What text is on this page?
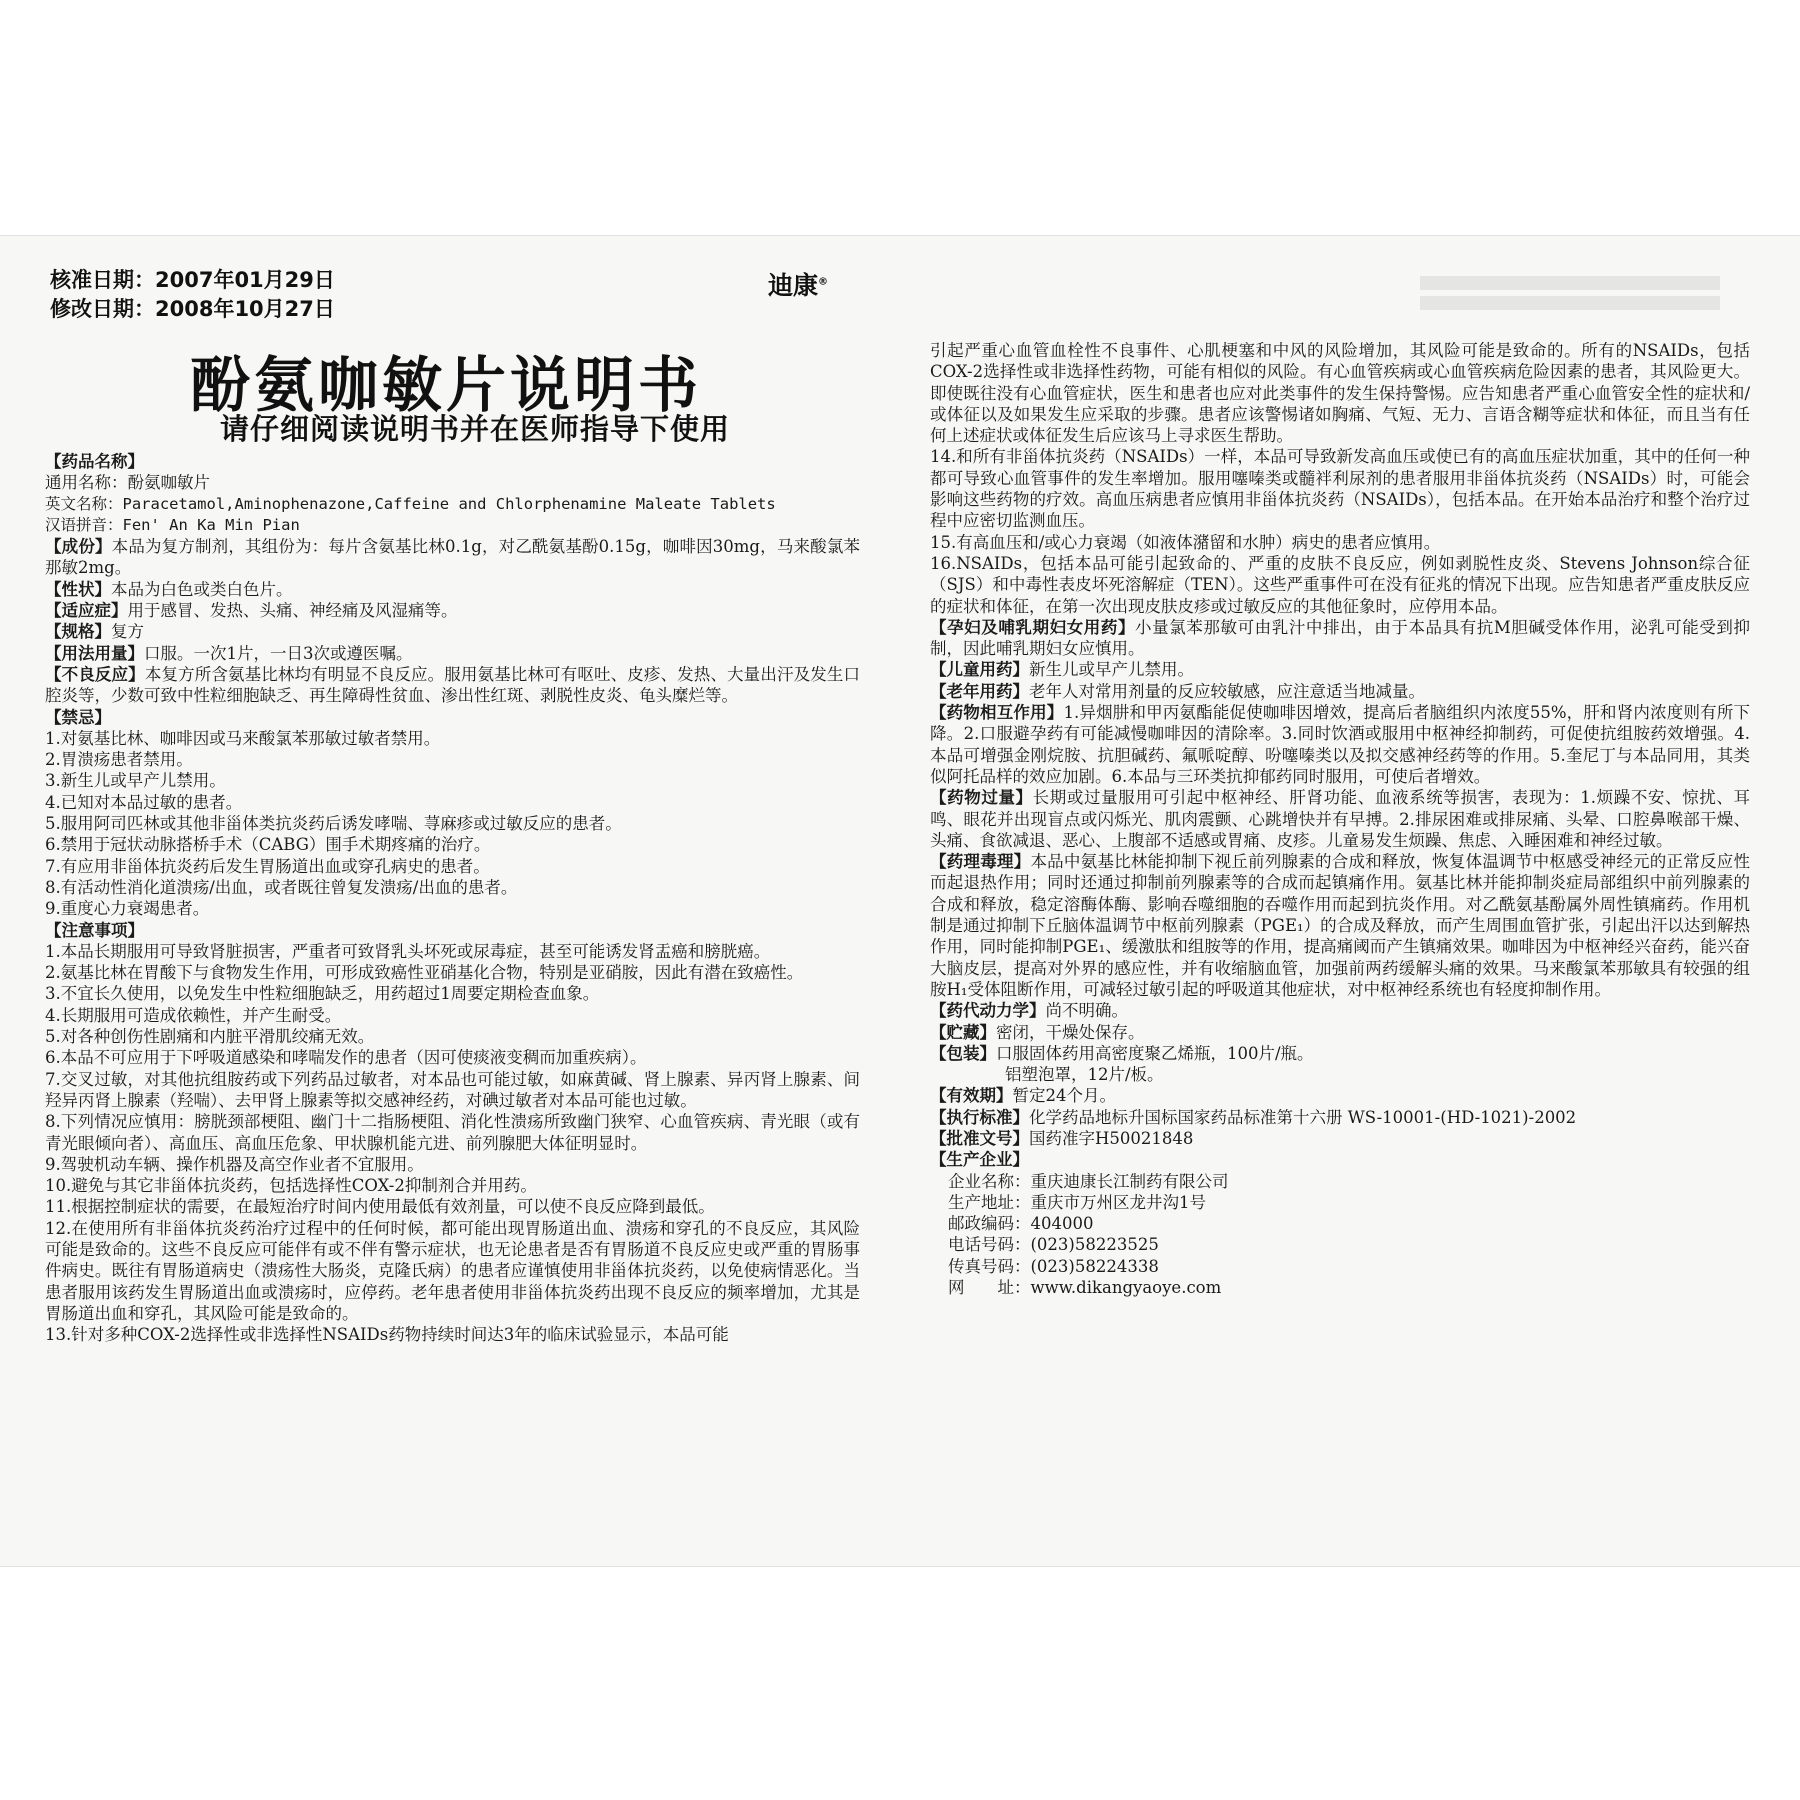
核准日期：2007年01月29日
修改日期：2008年10月27日
迪康®
酚氨咖敏片说明书
请仔细阅读说明书并在医师指导下使用

【药品名称】

通用名称：酚氨咖敏片

英文名称：Paracetamol,Aminophenazone,Caffeine and Chlorphenamine Maleate Tablets

汉语拼音：Fen' An Ka Min Pian

【成份】本品为复方制剂，其组份为：每片含氨基比林0.1g，对乙酰氨基酚0.15g，咖啡因30mg，马来酸氯苯那敏2mg。

【性状】本品为白色或类白色片。

【适应症】用于感冒、发热、头痛、神经痛及风湿痛等。

【规格】复方

【用法用量】口服。一次1片，一日3次或遵医嘱。

【不良反应】本复方所含氨基比林均有明显不良反应。服用氨基比林可有呕吐、皮疹、发热、大量出汗及发生口腔炎等，少数可致中性粒细胞缺乏、再生障碍性贫血、渗出性红斑、剥脱性皮炎、龟头糜烂等。

【禁忌】

1.对氨基比林、咖啡因或马来酸氯苯那敏过敏者禁用。

2.胃溃疡患者禁用。

3.新生儿或早产儿禁用。

4.已知对本品过敏的患者。

5.服用阿司匹林或其他非甾体类抗炎药后诱发哮喘、荨麻疹或过敏反应的患者。

6.禁用于冠状动脉搭桥手术（CABG）围手术期疼痛的治疗。

7.有应用非甾体抗炎药后发生胃肠道出血或穿孔病史的患者。

8.有活动性消化道溃疡/出血，或者既往曾复发溃疡/出血的患者。

9.重度心力衰竭患者。

【注意事项】

1.本品长期服用可导致肾脏损害，严重者可致肾乳头坏死或尿毒症，甚至可能诱发肾盂癌和膀胱癌。

2.氨基比林在胃酸下与食物发生作用，可形成致癌性亚硝基化合物，特别是亚硝胺，因此有潜在致癌性。

3.不宜长久使用，以免发生中性粒细胞缺乏，用药超过1周要定期检查血象。

4.长期服用可造成依赖性，并产生耐受。

5.对各种创伤性剧痛和内脏平滑肌绞痛无效。

6.本品不可应用于下呼吸道感染和哮喘发作的患者（因可使痰液变稠而加重疾病）。

7.交叉过敏，对其他抗组胺药或下列药品过敏者，对本品也可能过敏，如麻黄碱、肾上腺素、异丙肾上腺素、间羟异丙肾上腺素（羟喘）、去甲肾上腺素等拟交感神经药，对碘过敏者对本品可能也过敏。

8.下列情况应慎用：膀胱颈部梗阻、幽门十二指肠梗阻、消化性溃疡所致幽门狭窄、心血管疾病、青光眼（或有青光眼倾向者）、高血压、高血压危象、甲状腺机能亢进、前列腺肥大体征明显时。

9.驾驶机动车辆、操作机器及高空作业者不宜服用。

10.避免与其它非甾体抗炎药，包括选择性COX-2抑制剂合并用药。

11.根据控制症状的需要，在最短治疗时间内使用最低有效剂量，可以使不良反应降到最低。

12.在使用所有非甾体抗炎药治疗过程中的任何时候，都可能出现胃肠道出血、溃疡和穿孔的不良反应，其风险可能是致命的。这些不良反应可能伴有或不伴有警示症状，也无论患者是否有胃肠道不良反应史或严重的胃肠事件病史。既往有胃肠道病史（溃疡性大肠炎，克隆氏病）的患者应谨慎使用非甾体抗炎药，以免使病情恶化。当患者服用该药发生胃肠道出血或溃疡时，应停药。老年患者使用非甾体抗炎药出现不良反应的频率增加，尤其是胃肠道出血和穿孔，其风险可能是致命的。

13.针对多种COX-2选择性或非选择性NSAIDs药物持续时间达3年的临床试验显示，本品可能

引起严重心血管血栓性不良事件、心肌梗塞和中风的风险增加，其风险可能是致命的。所有的NSAIDs，包括COX-2选择性或非选择性药物，可能有相似的风险。有心血管疾病或心血管疾病危险因素的患者，其风险更大。即使既往没有心血管症状，医生和患者也应对此类事件的发生保持警惕。应告知患者严重心血管安全性的症状和/或体征以及如果发生应采取的步骤。患者应该警惕诸如胸痛、气短、无力、言语含糊等症状和体征，而且当有任何上述症状或体征发生后应该马上寻求医生帮助。

14.和所有非甾体抗炎药（NSAIDs）一样，本品可导致新发高血压或使已有的高血压症状加重，其中的任何一种都可导致心血管事件的发生率增加。服用噻嗪类或髓袢利尿剂的患者服用非甾体抗炎药（NSAIDs）时，可能会影响这些药物的疗效。高血压病患者应慎用非甾体抗炎药（NSAIDs），包括本品。在开始本品治疗和整个治疗过程中应密切监测血压。

15.有高血压和/或心力衰竭（如液体潴留和水肿）病史的患者应慎用。

16.NSAIDs，包括本品可能引起致命的、严重的皮肤不良反应，例如剥脱性皮炎、Stevens Johnson综合征（SJS）和中毒性表皮坏死溶解症（TEN）。这些严重事件可在没有征兆的情况下出现。应告知患者严重皮肤反应的症状和体征，在第一次出现皮肤皮疹或过敏反应的其他征象时，应停用本品。

【孕妇及哺乳期妇女用药】小量氯苯那敏可由乳汁中排出，由于本品具有抗M胆碱受体作用，泌乳可能受到抑制，因此哺乳期妇女应慎用。

【儿童用药】新生儿或早产儿禁用。

【老年用药】老年人对常用剂量的反应较敏感，应注意适当地减量。

【药物相互作用】1.异烟肼和甲丙氨酯能促使咖啡因增效，提高后者脑组织内浓度55%，肝和肾内浓度则有所下降。2.口服避孕药有可能减慢咖啡因的清除率。3.同时饮酒或服用中枢神经抑制药，可促使抗组胺药效增强。4.本品可增强金刚烷胺、抗胆碱药、氟哌啶醇、吩噻嗪类以及拟交感神经药等的作用。5.奎尼丁与本品同用，其类似阿托品样的效应加剧。6.本品与三环类抗抑郁药同时服用，可使后者增效。

【药物过量】长期或过量服用可引起中枢神经、肝肾功能、血液系统等损害，表现为：1.烦躁不安、惊扰、耳鸣、眼花并出现盲点或闪烁光、肌肉震颤、心跳增快并有早搏。2.排尿困难或排尿痛、头晕、口腔鼻喉部干燥、头痛、食欲减退、恶心、上腹部不适感或胃痛、皮疹。儿童易发生烦躁、焦虑、入睡困难和神经过敏。

【药理毒理】本品中氨基比林能抑制下视丘前列腺素的合成和释放，恢复体温调节中枢感受神经元的正常反应性而起退热作用；同时还通过抑制前列腺素等的合成而起镇痛作用。氨基比林并能抑制炎症局部组织中前列腺素的合成和释放，稳定溶酶体酶、影响吞噬细胞的吞噬作用而起到抗炎作用。对乙酰氨基酚属外周性镇痛药。作用机制是通过抑制下丘脑体温调节中枢前列腺素（PGE₁）的合成及释放，而产生周围血管扩张，引起出汗以达到解热作用，同时能抑制PGE₁、缓激肽和组胺等的作用，提高痛阈而产生镇痛效果。咖啡因为中枢神经兴奋药，能兴奋大脑皮层，提高对外界的感应性，并有收缩脑血管，加强前两药缓解头痛的效果。马来酸氯苯那敏具有较强的组胺H₁受体阻断作用，可减轻过敏引起的呼吸道其他症状，对中枢神经系统也有轻度抑制作用。

【药代动力学】尚不明确。

【贮藏】密闭，干燥处保存。

【包装】口服固体药用高密度聚乙烯瓶，100片/瓶。

铝塑泡罩，12片/板。

【有效期】暂定24个月。

【执行标准】化学药品地标升国标国家药品标准第十六册 WS-10001-(HD-1021)-2002

【批准文号】国药准字H50021848

【生产企业】

企业名称：重庆迪康长江制药有限公司

生产地址：重庆市万州区龙井沟1号

邮政编码：404000

电话号码：(023)58223525

传真号码：(023)58224338

网　　址：www.dikangyaoye.com
